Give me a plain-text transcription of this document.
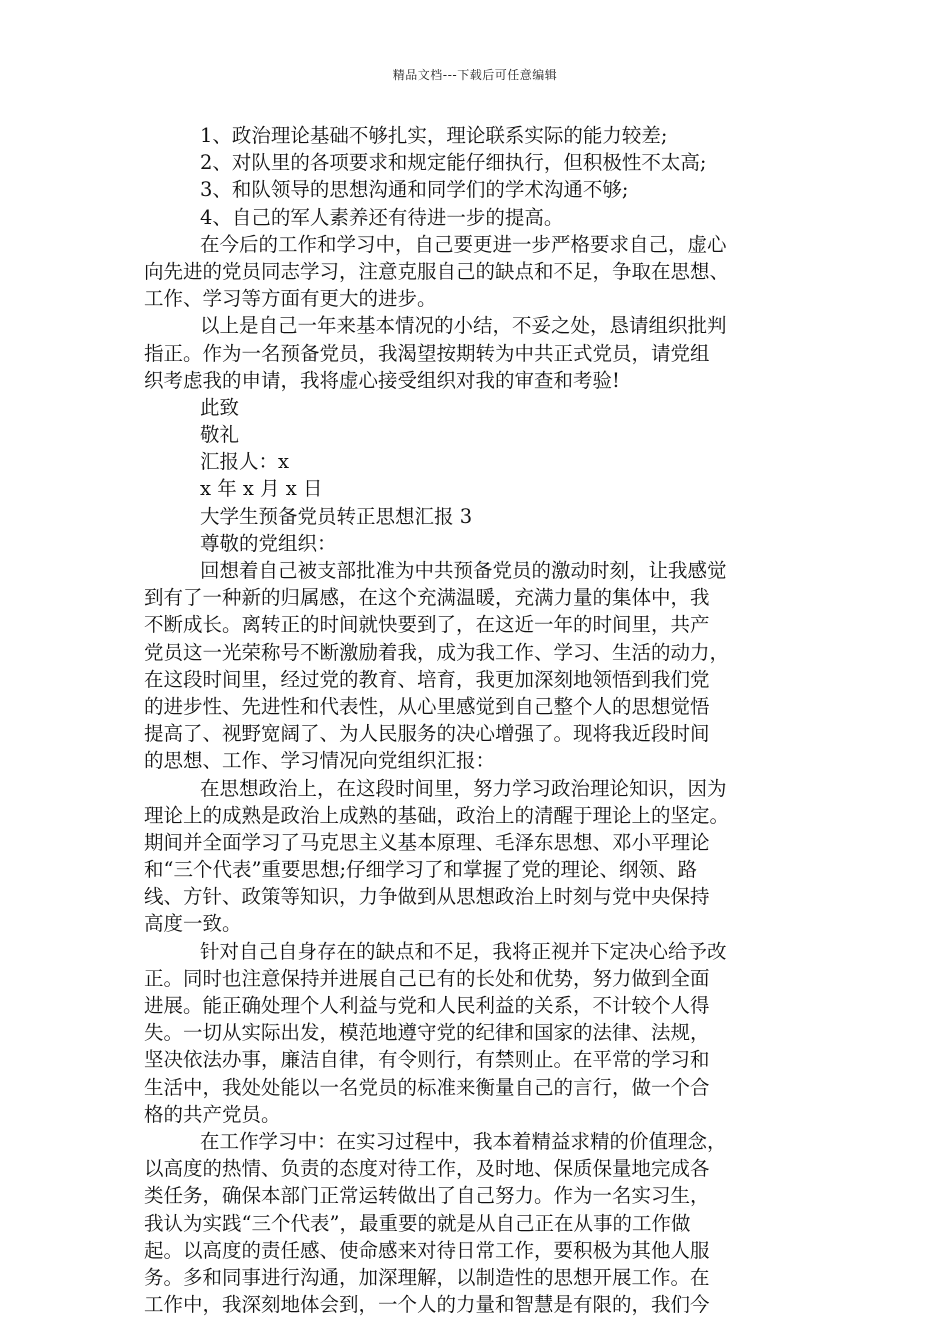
精品文档---下载后可任意编辑
1、政治理论基础不够扎实，理论联系实际的能力较差;
2、对队里的各项要求和规定能仔细执行，但积极性不太高;
3、和队领导的思想沟通和同学们的学术沟通不够;
4、自己的军人素养还有待进一步的提高。
在今后的工作和学习中，自己要更进一步严格要求自己，虚心
向先进的党员同志学习，注意克服自己的缺点和不足，争取在思想、
工作、学习等方面有更大的进步。
以上是自己一年来基本情况的小结，不妥之处，恳请组织批判
指正。作为一名预备党员，我渴望按期转为中共正式党员，请党组
织考虑我的申请，我将虚心接受组织对我的审查和考验!
此致
敬礼
汇报人：x
x 年 x 月 x 日
大学生预备党员转正思想汇报 3
尊敬的党组织：
回想着自己被支部批准为中共预备党员的激动时刻，让我感觉
到有了一种新的归属感，在这个充满温暖，充满力量的集体中，我
不断成长。离转正的时间就快要到了，在这近一年的时间里，共产
党员这一光荣称号不断激励着我，成为我工作、学习、生活的动力，
在这段时间里，经过党的教育、培育，我更加深刻地领悟到我们党
的进步性、先进性和代表性，从心里感觉到自己整个人的思想觉悟
提高了、视野宽阔了、为人民服务的决心增强了。现将我近段时间
的思想、工作、学习情况向党组织汇报：
在思想政治上，在这段时间里，努力学习政治理论知识，因为
理论上的成熟是政治上成熟的基础，政治上的清醒于理论上的坚定。
期间并全面学习了马克思主义基本原理、毛泽东思想、邓小平理论
和“三个代表”重要思想;仔细学习了和掌握了党的理论、纲领、路
线、方针、政策等知识，力争做到从思想政治上时刻与党中央保持
高度一致。
针对自己自身存在的缺点和不足，我将正视并下定决心给予改
正。同时也注意保持并进展自己已有的长处和优势，努力做到全面
进展。能正确处理个人利益与党和人民利益的关系，不计较个人得
失。一切从实际出发，模范地遵守党的纪律和国家的法律、法规，
坚决依法办事，廉洁自律，有令则行，有禁则止。在平常的学习和
生活中，我处处能以一名党员的标准来衡量自己的言行，做一个合
格的共产党员。
在工作学习中：在实习过程中，我本着精益求精的价值理念，
以高度的热情、负责的态度对待工作，及时地、保质保量地完成各
类任务，确保本部门正常运转做出了自己努力。作为一名实习生，
我认为实践“三个代表”，最重要的就是从自己正在从事的工作做
起。以高度的责任感、使命感来对待日常工作，要积极为其他人服
务。多和同事进行沟通，加深理解，以制造性的思想开展工作。在
工作中，我深刻地体会到，一个人的力量和智慧是有限的，我们今
